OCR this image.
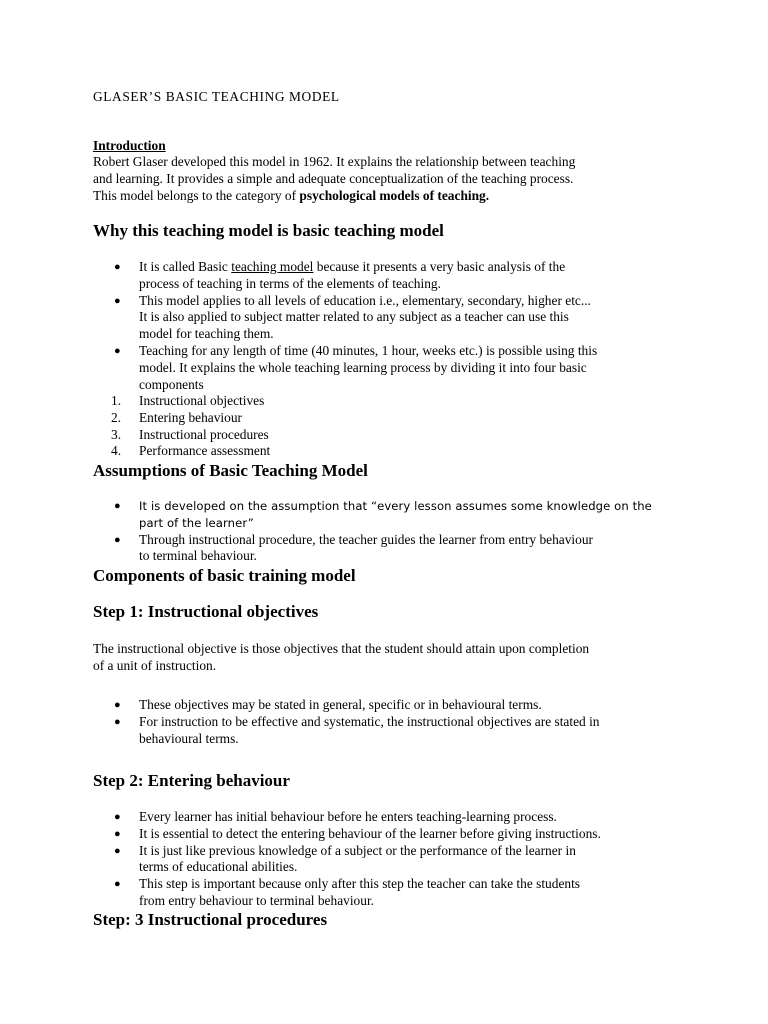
GLASER’S BASIC TEACHING MODEL
Introduction

Robert Glaser developed this model in 1962. It explains the relationship between teaching

and learning. It provides a simple and adequate conceptualization of the teaching process.

This model belongs to the category of psychological models of teaching.

Why this teaching model is basic teaching model
● It is called Basic teaching model because it presents a very basic analysis of the
process of teaching in terms of the elements of teaching.
● This model applies to all levels of education i.e., elementary, secondary, higher etc...
It is also applied to subject matter related to any subject as a teacher can use this
model for teaching them.
● Teaching for any length of time (40 minutes, 1 hour, weeks etc.) is possible using this
model. It explains the whole teaching learning process by dividing it into four basic
components
1. Instructional objectives
2. Entering behaviour
3. Instructional procedures
4. Performance assessment
Assumptions of Basic Teaching Model
● It is developed on the assumption that “every lesson assumes some knowledge on the
part of the learner”
● Through instructional procedure, the teacher guides the learner from entry behaviour
to terminal behaviour.
Components of basic training model
Step 1: Instructional objectives
The instructional objective is those objectives that the student should attain upon completion
of a unit of instruction.
● These objectives may be stated in general, specific or in behavioural terms.
● For instruction to be effective and systematic, the instructional objectives are stated in
behavioural terms.
Step 2: Entering behaviour
● Every learner has initial behaviour before he enters teaching-learning process.
● It is essential to detect the entering behaviour of the learner before giving instructions.
● It is just like previous knowledge of a subject or the performance of the learner in
terms of educational abilities.
● This step is important because only after this step the teacher can take the students
from entry behaviour to terminal behaviour.
Step: 3 Instructional procedures
